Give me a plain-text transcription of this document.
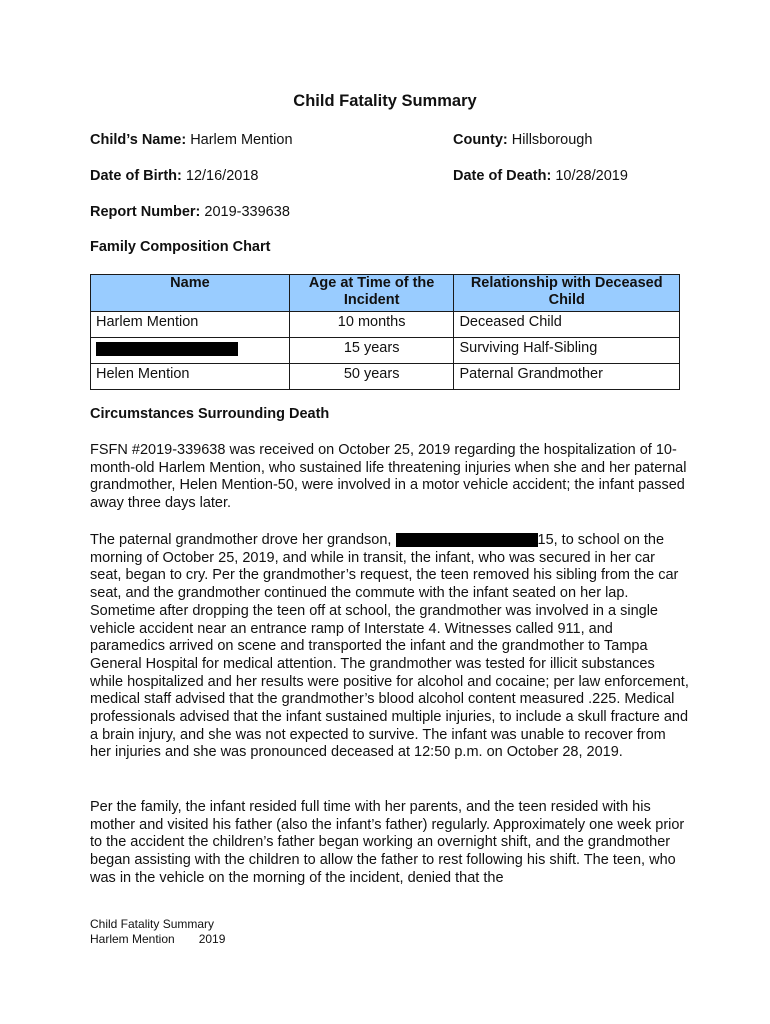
Child Fatality Summary
Child’s Name: Harlem Mention	County: Hillsborough
Date of Birth: 12/16/2018	Date of Death: 10/28/2019
Report Number: 2019-339638
Family Composition Chart
Name	Age at Time of the Incident	Relationship with Deceased Child
Harlem Mention	10 months	Deceased Child
	15 years	Surviving Half-Sibling
Helen Mention	50 years	Paternal Grandmother
Circumstances Surrounding Death

FSFN #2019-339638 was received on October 25, 2019 regarding the hospitalization of 10-month-old Harlem Mention, who sustained life threatening injuries when she and her paternal grandmother, Helen Mention-50, were involved in a motor vehicle accident; the infant passed away three days later.

The paternal grandmother drove her grandson,	15, to school on the morning of October 25, 2019, and while in transit, the infant, who was secured in her car seat, began to cry. Per the grandmother’s request, the teen removed his sibling from the car seat, and the grandmother continued the commute with the infant seated on her lap. Sometime after dropping the teen off at school, the grandmother was involved in a single vehicle accident near an entrance ramp of Interstate 4. Witnesses called 911, and paramedics arrived on scene and transported the infant and the grandmother to Tampa General Hospital for medical attention. The grandmother was tested for illicit substances while hospitalized and her results were positive for alcohol and cocaine; per law enforcement, medical staff advised that the grandmother’s blood alcohol content measured .225. Medical professionals advised that the infant sustained multiple injuries, to include a skull fracture and a brain injury, and she was not expected to survive. The infant was unable to recover from her injuries and she was pronounced deceased at 12:50 p.m. on October 28, 2019.

Per the family, the infant resided full time with her parents, and the teen resided with his mother and visited his father (also the infant’s father) regularly. Approximately one week prior to the accident the children’s father began working an overnight shift, and the grandmother began assisting with the children to allow the father to rest following his shift. The teen, who was in the vehicle on the morning of the incident, denied that the

Child Fatality Summary
Harlem Mention 2019
